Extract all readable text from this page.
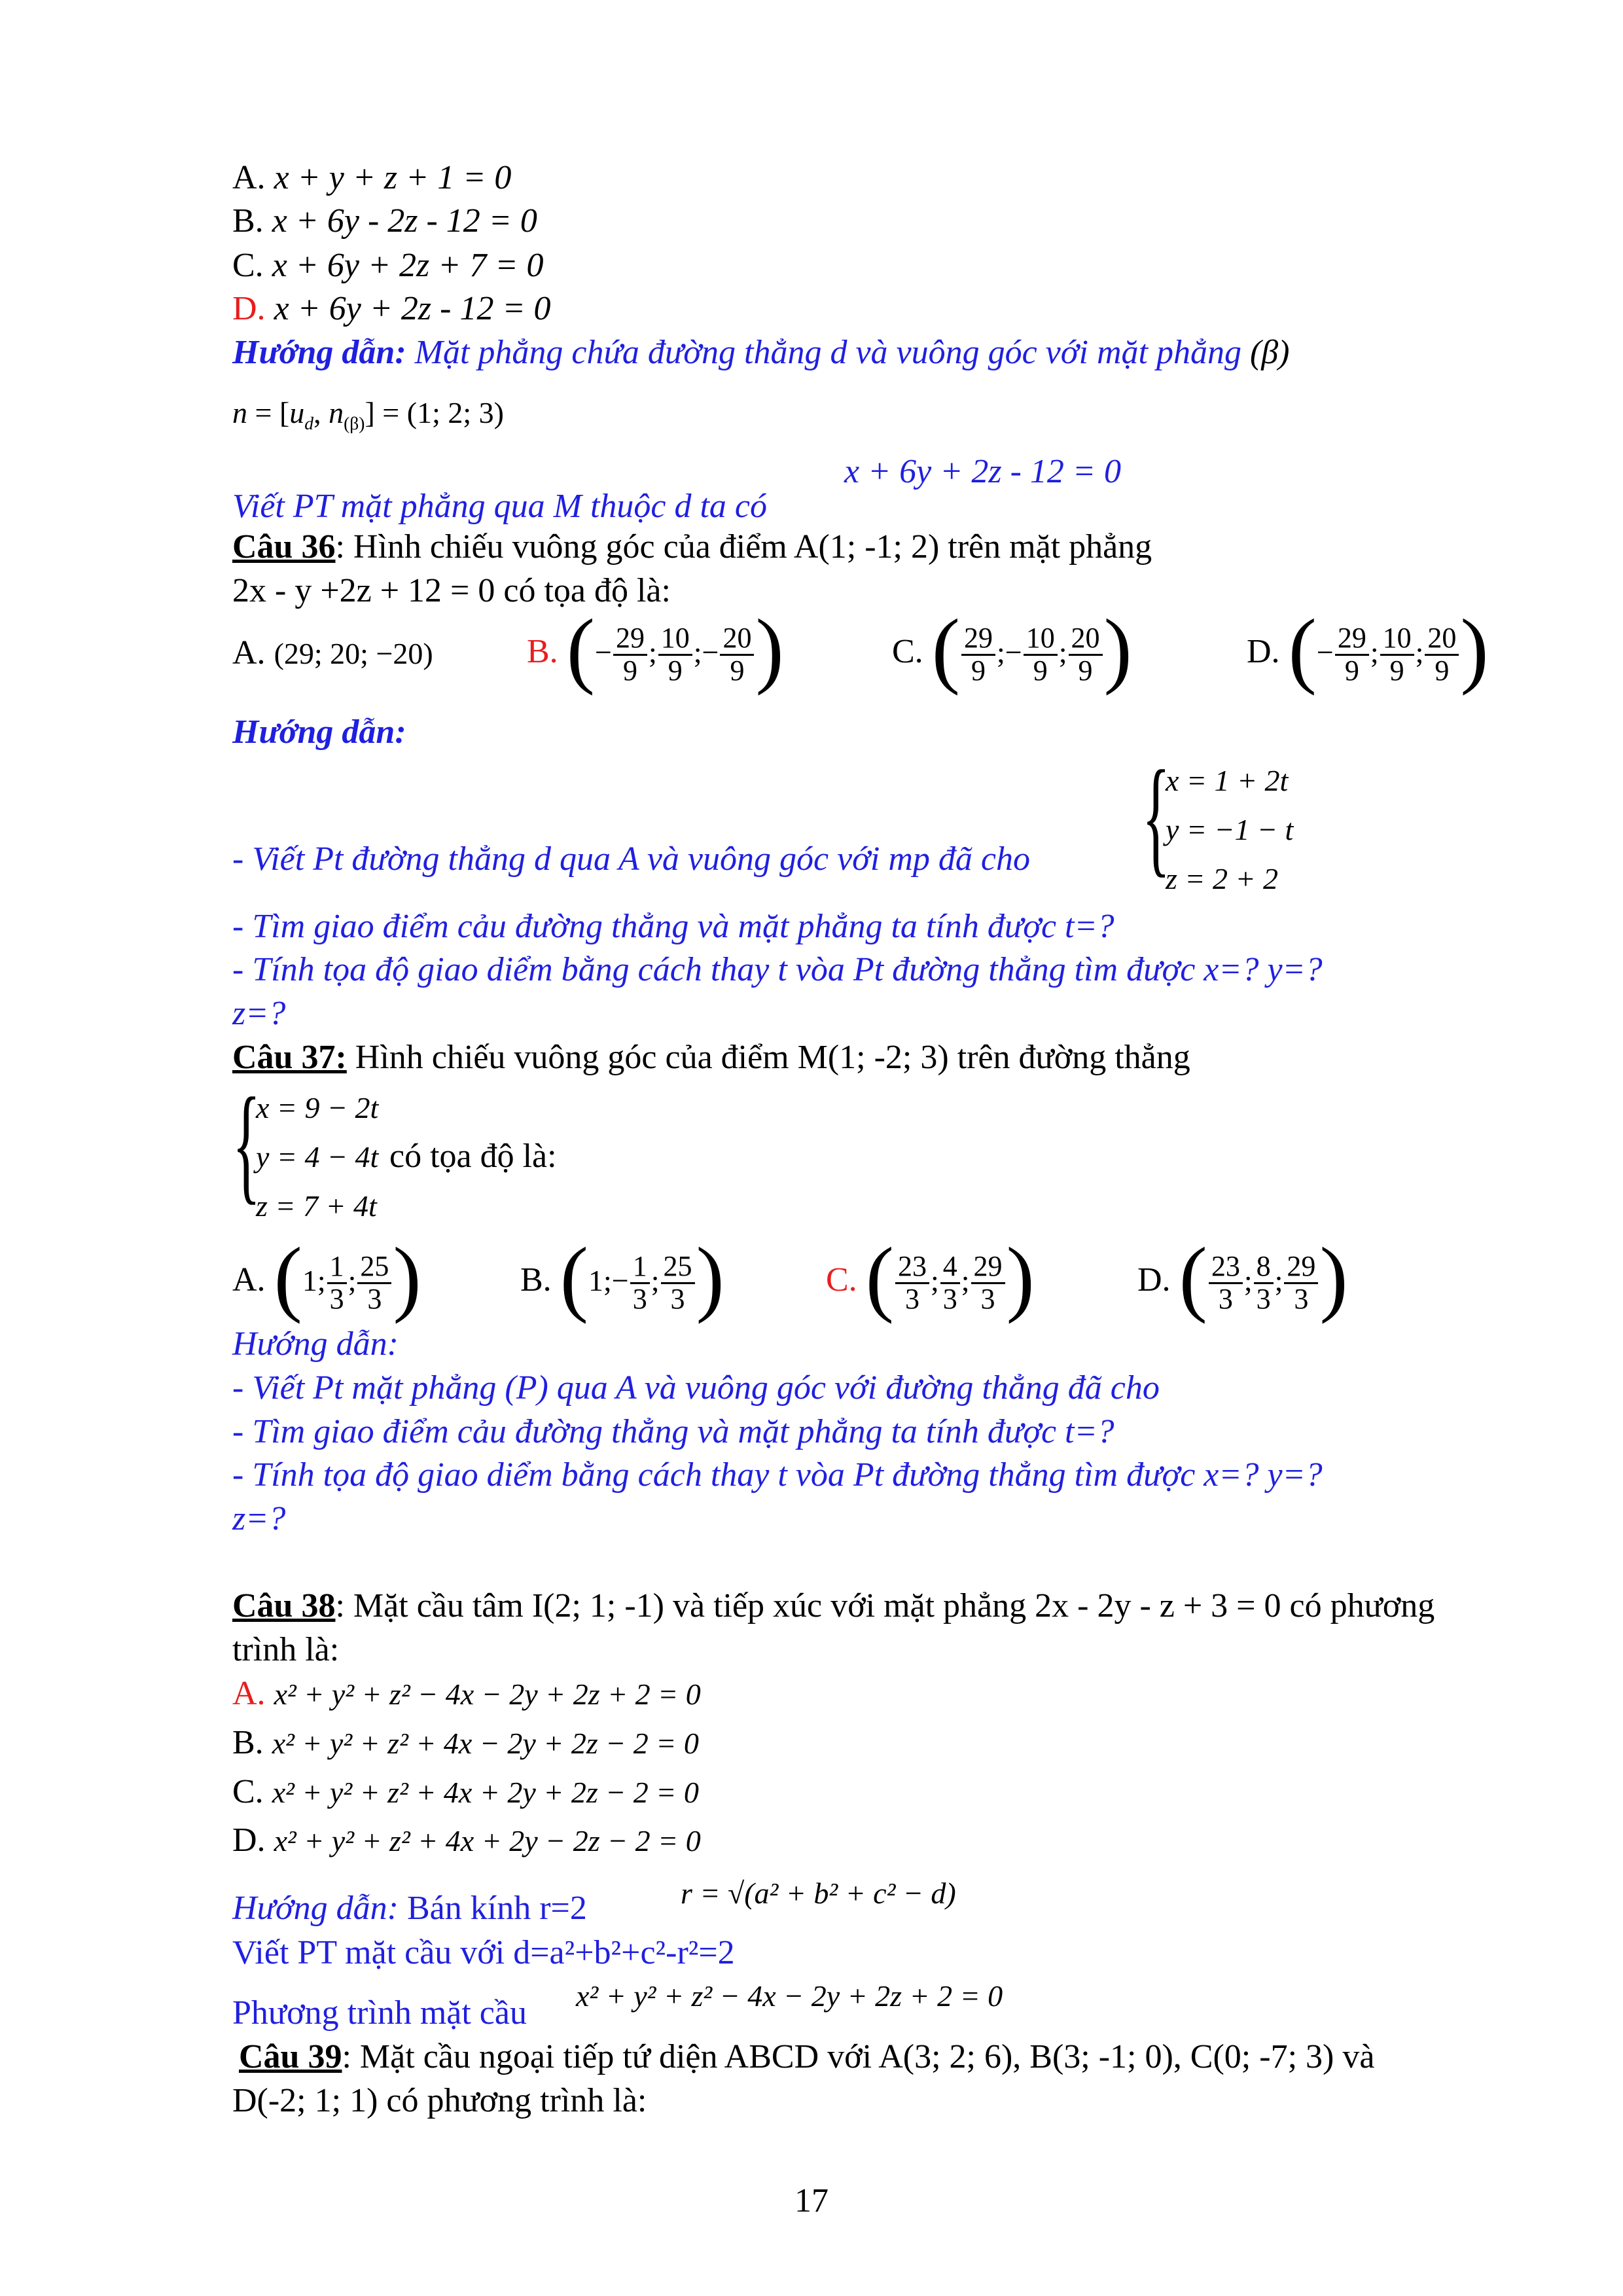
A. x + y + z + 1 = 0
B. x + 6y - 2z - 12 = 0
C. x + 6y + 2z + 7 = 0
D. x + 6y + 2z - 12 = 0
Hướng dẫn: Mặt phẳng chứa đường thẳng d và vuông góc với mặt phẳng (β)
$n = [u_d$, $n_{(\beta)}] = (1$; 2; 3)
x + 6y + 2z - 12 = 0
Viết PT mặt phẳng qua M thuộc d ta có
Câu 36: Hình chiếu vuông góc của điểm A(1; -1; 2) trên mặt phẳng
2x - y +2z + 12 = 0 có tọa độ là:
A. (29; 20; −20)	B. (− $\frac{29}{9}$ ; $\frac{10}{9}$ ;− $\frac{20}{9}$ )	C. ( $\frac{29}{9}$ ;− $\frac{10}{9}$ ; $\frac{20}{9}$ )	D. (− $\frac{29}{9}$ ; $\frac{10}{9}$ ; $\frac{20}{9}$ )
Hướng dẫn:
{
x = 1 + 2t
y = −1 − t
z = 2 + 2
- Viết Pt đường thẳng d qua A và vuông góc với mp đã cho
- Tìm giao điểm cảu đường thẳng và mặt phẳng ta tính được t=?
- Tính tọa độ giao diểm bằng cách thay t vòa Pt đường thẳng tìm được x=? y=?
z=?
Câu 37: Hình chiếu vuông góc của điểm M(1; -2; 3) trên đường thẳng
{
x = 9 − 2t
y = 4 − 4t
z = 7 + 4t
có tọa độ là:
A. (1; $\frac{1}{3}$ ; $\frac{25}{3}$ )	B. (1;− $\frac{1}{3}$ ; $\frac{25}{3}$ )	C. ( $\frac{23}{3}$ ; $\frac{4}{3}$ ; $\frac{29}{3}$ )	D. ( $\frac{23}{3}$ ; $\frac{8}{3}$ ; $\frac{29}{3}$ )
Hướng dẫn:
- Viết Pt mặt phẳng (P) qua A và vuông góc với đường thẳng đã cho
- Tìm giao điểm cảu đường thẳng và mặt phẳng ta tính được t=?
- Tính tọa độ giao diểm bằng cách thay t vòa Pt đường thẳng tìm được x=? y=?
z=?
Câu 38: Mặt cầu tâm I(2; 1; -1) và tiếp xúc với mặt phẳng 2x - 2y - z + 3 = 0 có phương
trình là:
A. x² + y² + z² − 4x − 2y + 2z + 2 = 0
B. x² + y² + z² + 4x − 2y + 2z − 2 = 0
C. x² + y² + z² + 4x + 2y + 2z − 2 = 0
D. x² + y² + z² + 4x + 2y − 2z − 2 = 0
Hướng dẫn: Bán kính r=2	r = √(a² + b² + c² − d)
Viết PT mặt cầu với d=a²+b²+c²-r²=2
Phương trình mặt cầu x² + y² + z² − 4x − 2y + 2z + 2 = 0
Câu 39: Mặt cầu ngoại tiếp tứ diện ABCD với A(3; 2; 6), B(3; -1; 0), C(0; -7; 3) và
D(-2; 1; 1) có phương trình là:
17
